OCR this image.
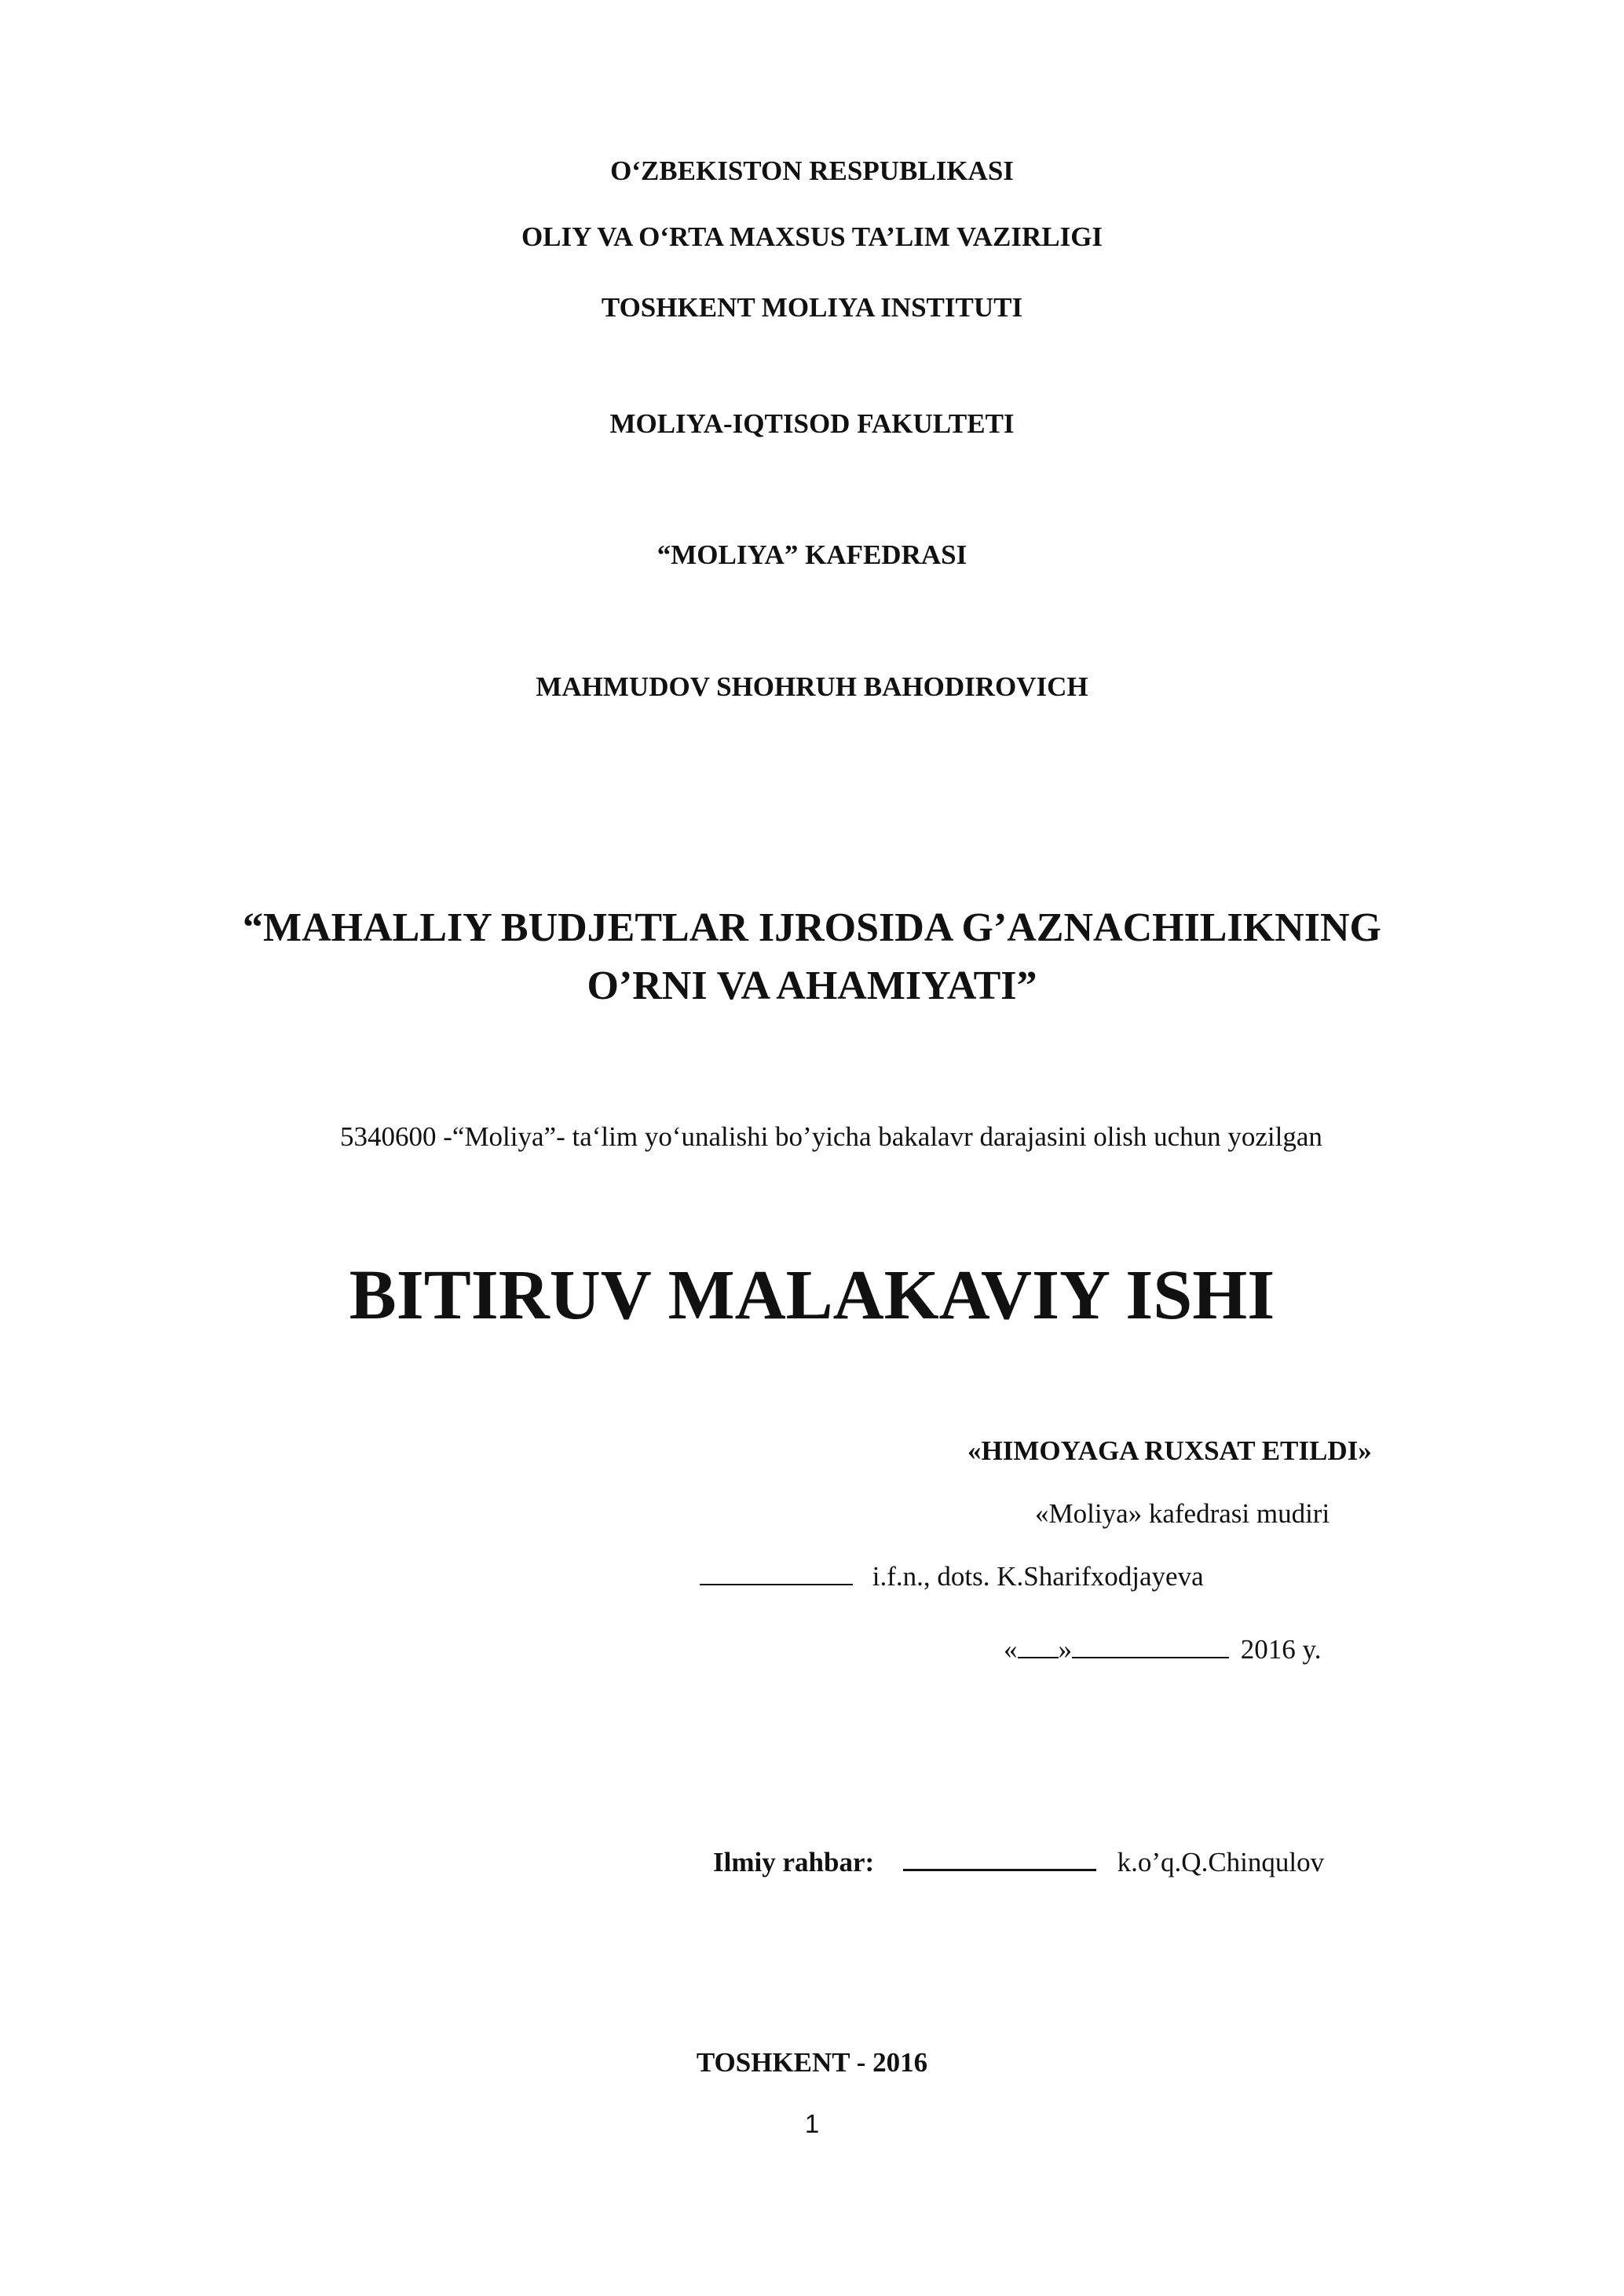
O‘ZBEKISTON RESPUBLIKASI
OLIY VA O‘RTA MAXSUS TA’LIM VAZIRLIGI
TOSHKENT MOLIYA INSTITUTI
MOLIYA-IQTISOD FAKULTETI
“MOLIYA” KAFEDRASI
MAHMUDOV SHOHRUH BAHODIROVICH
“MAHALLIY BUDJETLAR IJROSIDA G’AZNACHILIKNING
O’RNI VA AHAMIYATI”
5340600 -“Moliya”- ta‘lim yo‘unalishi bo’yicha bakalavr darajasini olish uchun yozilgan
BITIRUV MALAKAVIY ISHI
«HIMOYAGA RUXSAT ETILDI»
«Moliya» kafedrasi mudiri
i.f.n., dots. K.Sharifxodjayeva
« »	2016 y.
Ilmiy rahbar:	k.o’q.Q.Chinqulov
TOSHKENT - 2016
1
